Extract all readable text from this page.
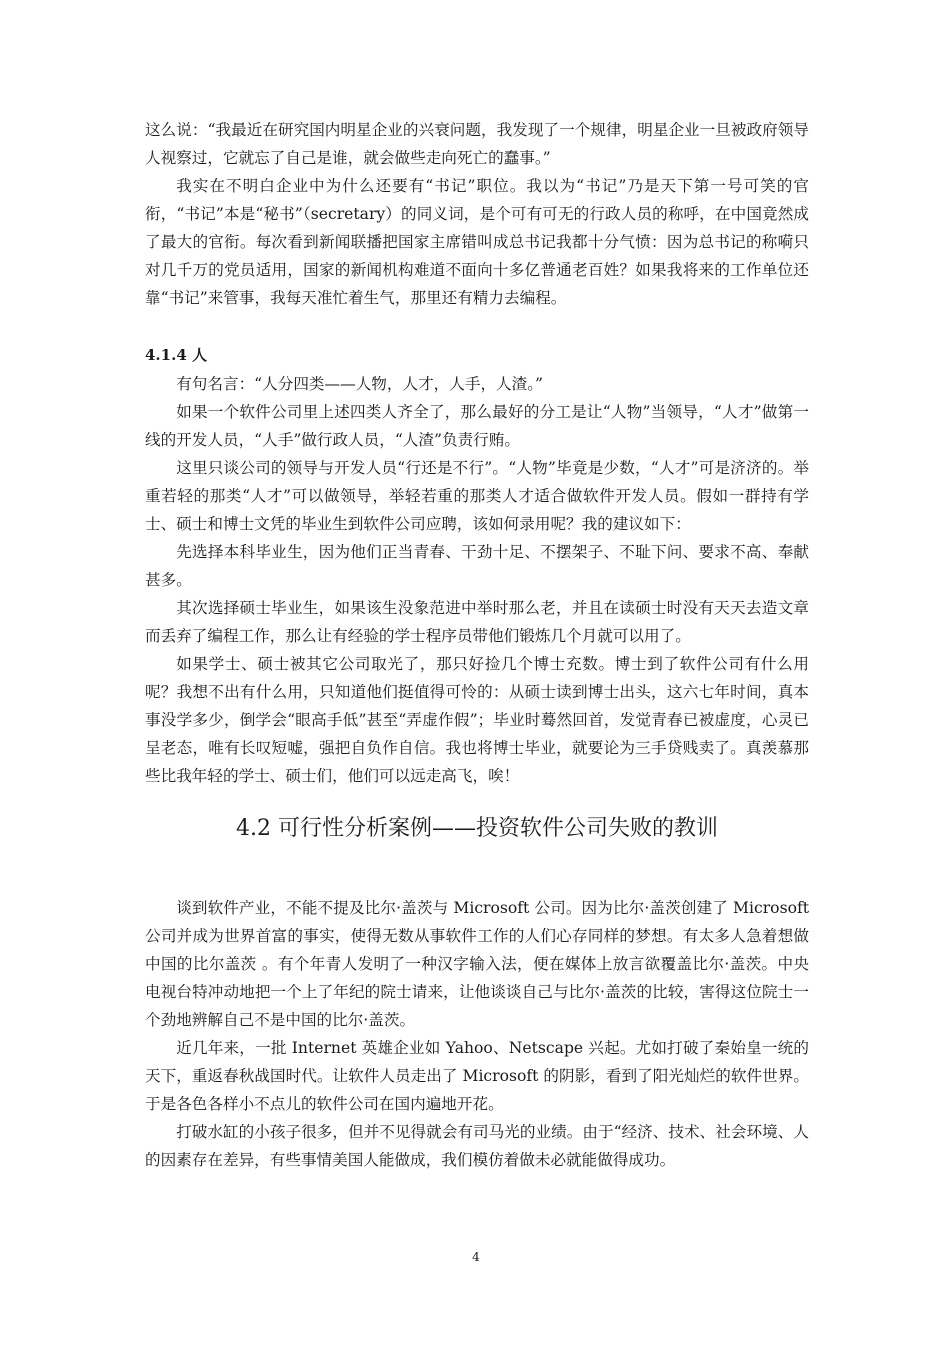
这么说：“我最近在研究国内明星企业的兴衰问题，我发现了一个规律，明星企业一旦被政府领导人视察过，它就忘了自己是谁，就会做些走向死亡的蠢事。”

我实在不明白企业中为什么还要有“书记”职位。我以为“书记”乃是天下第一号可笑的官衔，“书记”本是“秘书”（secretary）的同义词，是个可有可无的行政人员的称呼，在中国竟然成了最大的官衔。每次看到新闻联播把国家主席错叫成总书记我都十分气愤：因为总书记的称嗬只对几千万的党员适用，国家的新闻机构难道不面向十多亿普通老百姓？如果我将来的工作单位还靠“书记”来管事，我每天准忙着生气，那里还有精力去编程。

4.1.4 人

有句名言：“人分四类——人物，人才，人手，人渣。”

如果一个软件公司里上述四类人齐全了，那么最好的分工是让“人物”当领导，“人才”做第一线的开发人员，“人手”做行政人员，“人渣”负责行贿。

这里只谈公司的领导与开发人员“行还是不行”。“人物”毕竟是少数，“人才”可是济济的。举重若轻的那类“人才”可以做领导，举轻若重的那类人才适合做软件开发人员。假如一群持有学士、硕士和博士文凭的毕业生到软件公司应聘，该如何录用呢？我的建议如下：

先选择本科毕业生，因为他们正当青春、干劲十足、不摆架子、不耻下问、要求不高、奉献甚多。

其次选择硕士毕业生，如果该生没象范进中举时那么老，并且在读硕士时没有天天去造文章而丢弃了编程工作，那么让有经验的学士程序员带他们锻炼几个月就可以用了。

如果学士、硕士被其它公司取光了，那只好捡几个博士充数。博士到了软件公司有什么用呢？我想不出有什么用，只知道他们挺值得可怜的：从硕士读到博士出头，这六七年时间，真本事没学多少，倒学会“眼高手低”甚至“弄虚作假”；毕业时蓦然回首，发觉青春已被虚度，心灵已呈老态，唯有长叹短嘘，强把自负作自信。我也将博士毕业，就要论为三手贷贱卖了。真羡慕那些比我年轻的学士、硕士们，他们可以远走高飞，唉！

4.2 可行性分析案例——投资软件公司失败的教训

谈到软件产业，不能不提及比尔·盖茨与 Microsoft 公司。因为比尔·盖茨创建了 Microsoft 公司并成为世界首富的事实，使得无数从事软件工作的人们心存同样的梦想。有太多人急着想做中国的比尔盖茨 。有个年青人发明了一种汉字输入法，便在媒体上放言欲覆盖比尔·盖茨。中央电视台特冲动地把一个上了年纪的院士请来，让他谈谈自己与比尔·盖茨的比较，害得这位院士一个劲地辨解自己不是中国的比尔·盖茨。

近几年来，一批 Internet 英雄企业如 Yahoo、Netscape 兴起。尤如打破了秦始皇一统的天下，重返春秋战国时代。让软件人员走出了 Microsoft 的阴影，看到了阳光灿烂的软件世界。于是各色各样小不点儿的软件公司在国内遍地开花。

打破水缸的小孩子很多，但并不见得就会有司马光的业绩。由于“经济、技术、社会环境、人的因素存在差异，有些事情美国人能做成，我们模仿着做未必就能做得成功。

4
